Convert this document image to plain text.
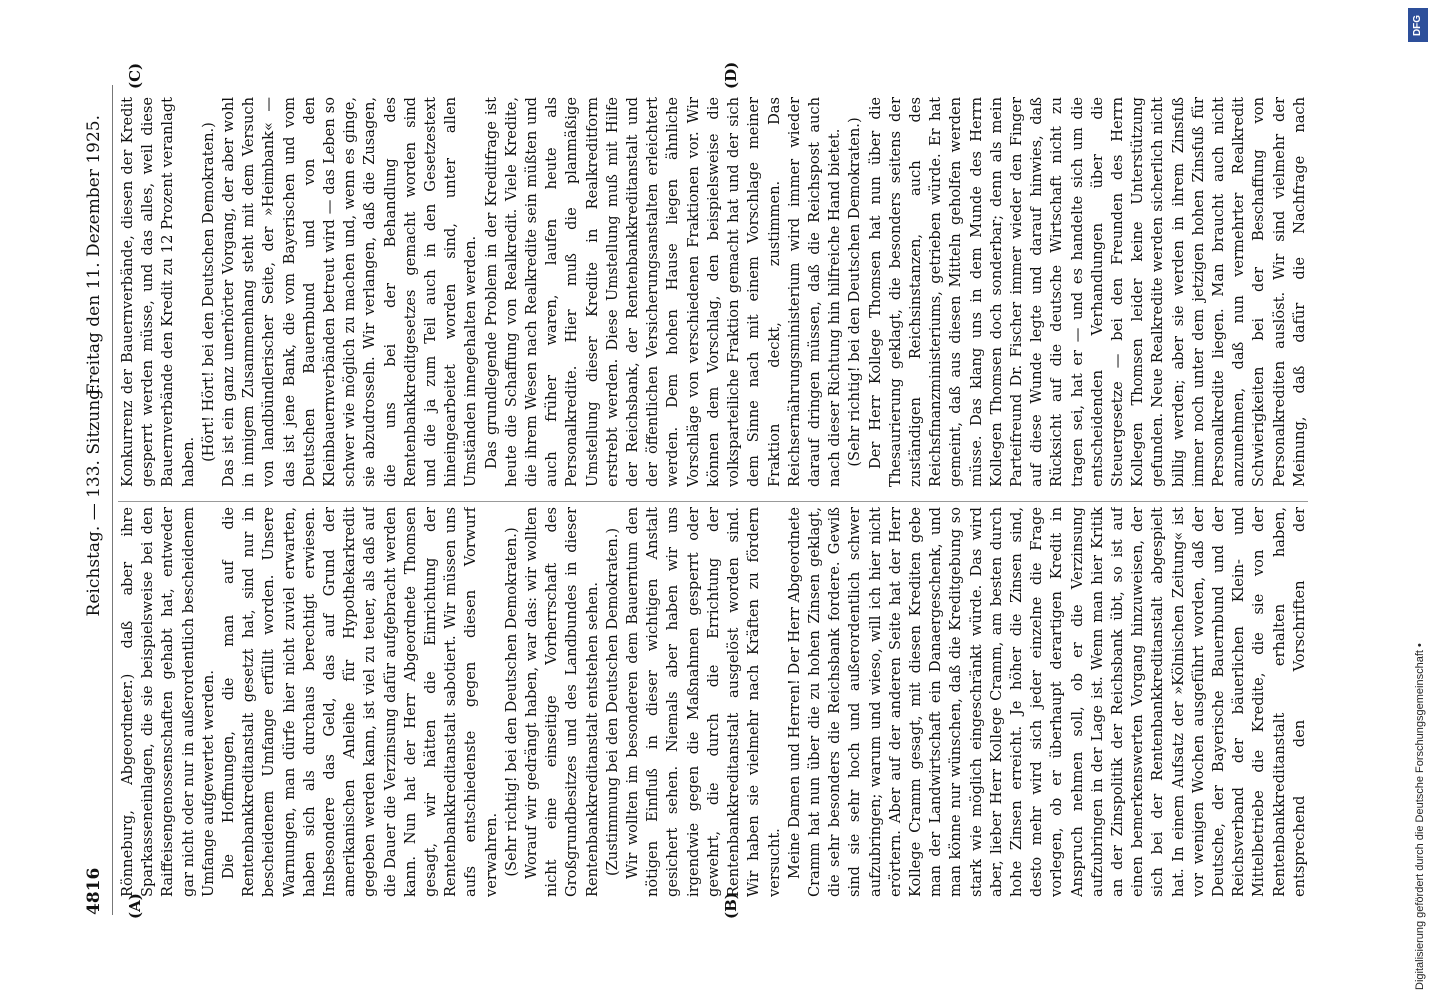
4816
Reichstag. — 133. Sitzung.
Freitag den 11. Dezember 1925.
(A)	(B)
(C)	(D)

Rönneburg, Abgeordneter.) daß aber ihre Sparkasseneinlagen, die sie beispielsweise bei den Raiffeisengenossenschaften gehabt hat, entweder gar nicht oder nur in außerordentlich bescheidenem Umfange aufgewertet werden. Die Hoffnungen, die man auf die Rentenbankkreditanstalt gesetzt hat, sind nur in bescheidenem Umfange erfüllt worden. Unsere Warnungen, man dürfe hier nicht zuviel erwarten, haben sich als durchaus berechtigt erwiesen. Insbesondere das Geld, das auf Grund der amerikanischen Anleihe für Hypothekarkredit gegeben werden kann, ist viel zu teuer, als daß auf die Dauer die Verzinsung dafür aufgebracht werden kann. Nun hat der Herr Abgeordnete Thomsen gesagt, wir hätten die Einrichtung der Rentenbankkreditanstalt sabotiert. Wir müssen uns aufs entschiedenste gegen diesen Vorwurf verwahren. (Sehr richtig! bei den Deutschen Demokraten.) Worauf wir gedrängt haben, war das: wir wollten nicht eine einseitige Vorherrschaft des Großgrundbesitzes und des Landbundes in dieser Rentenbankkreditanstalt entstehen sehen. (Zustimmung bei den Deutschen Demokraten.) Wir wollten im besonderen dem Bauerntum den nötigen Einfluß in dieser wichtigen Anstalt gesichert sehen. Niemals aber haben wir uns irgendwie gegen die Maßnahmen gesperrt oder gewehrt, die durch die Errichtung der Rentenbankkreditanstalt ausgelöst worden sind. Wir haben sie vielmehr nach Kräften zu fördern versucht. Meine Damen und Herren! Der Herr Abgeordnete Cramm hat nun über die zu hohen Zinsen geklagt, die sehr besonders die Reichsbank fordere. Gewiß sind sie sehr hoch und außerordentlich schwer aufzubringen; warum und wieso, will ich hier nicht erörtern. Aber auf der anderen Seite hat der Herr Kollege Cramm gesagt, mit diesen Krediten gebe man der Landwirtschaft ein Danaergeschenk, und man könne nur wünschen, daß die Kreditgebung so stark wie möglich eingeschränkt würde. Das wird aber, lieber Herr Kollege Cramm, am besten durch hohe Zinsen erreicht. Je höher die Zinsen sind, desto mehr wird sich jeder einzelne die Frage vorlegen, ob er überhaupt derartigen Kredit in Anspruch nehmen soll, ob er die Verzinsung aufzubringen in der Lage ist. Wenn man hier Kritik an der Zinspolitik der Reichsbank übt, so ist auf einen bemerkenswerten Vorgang hinzuweisen, der sich bei der Rentenbankkreditanstalt abgespielt hat. In einem Aufsatz der »Kölnischen Zeitung« ist vor wenigen Wochen ausgeführt worden, daß der Deutsche, der Bayerische Bauernbund und der Reichsverband der bäuerlichen Klein- und Mittelbetriebe die Kredite, die sie von der Rentenbankkreditanstalt erhalten haben, entsprechend den Vorschriften der

Konkurrenz der Bauernverbände, diesen der Kredit gesperrt werden müsse, und das alles, weil diese Bauernverbände den Kredit zu 12 Prozent veranlagt haben.

(Hört! Hört! bei den Deutschen Demokraten.) Das ist ein ganz unerhörter Vorgang, der aber wohl in innigem Zusammenhang steht mit dem Versuch von landbündlerischer Seite, der »Heimbank« — das ist jene Bank, die vom Bayerischen und vom Deutschen Bauernbund und von den Kleinbauernverbänden betreut wird — das Leben so schwer wie möglich zu machen und, wenn es ginge, sie abzudrosseln. Wir verlangen, daß die Zusagen, die uns bei der Behandlung des Rentenbankkreditgesetzes gemacht worden sind und die ja zum Teil auch in den Gesetzestext hineingearbeitet worden sind, unter allen Umständen innegehalten werden. Das grundlegende Problem in der Kreditfrage ist heute die Schaffung von Realkredit. Viele Kredite, die ihrem Wesen nach Realkredite sein müßten und auch früher waren, laufen heute als Personalkredite. Hier muß die planmäßige Umstellung dieser Kredite in Realkreditform erstrebt werden. Diese Umstellung muß mit Hilfe der Reichsbank, der Rentenbankkreditanstalt und der öffentlichen Versicherungsanstalten erleichtert werden. Dem hohen Hause liegen ähnliche Vorschläge von verschiedenen Fraktionen vor. Wir können dem Vorschlag, den beispielsweise die volksparteiliche Fraktion gemacht hat und der sich dem Sinne nach mit einem Vorschlage meiner Fraktion deckt, zustimmen. Das Reichsernährungsministerium wird immer wieder darauf dringen müssen, daß die Reichspost auch nach dieser Richtung hin hilfreiche Hand bietet. (Sehr richtig! bei den Deutschen Demokraten.) Der Herr Kollege Thomsen hat nun über die Thesaurierung geklagt, die besonders seitens der zuständigen Reichsinstanzen, auch des Reichsfinanzministeriums, getrieben würde. Er hat gemeint, daß aus diesen Mitteln geholfen werden müsse. Das klang uns in dem Munde des Herrn Kollegen Thomsen doch sonderbar; denn als mein Parteifreund Dr. Fischer immer wieder den Finger auf diese Wunde legte und darauf hinwies, daß Rücksicht auf die deutsche Wirtschaft nicht zu tragen sei, hat er — und es handelte sich um die entscheidenden Verhandlungen über die Steuergesetze — bei den Freunden des Herrn Kollegen Thomsen leider keine Unterstützung gefunden. Neue Realkredite werden sicherlich nicht billig werden; aber sie werden in ihrem Zinsfuß immer noch unter dem jetzigen hohen Zinsfuß für Personalkredite liegen. Man braucht auch nicht anzunehmen, daß nun vermehrter Realkredit Schwierigkeiten bei der Beschaffung von Personalkrediten auslöst. Wir sind vielmehr der Meinung, daß dafür die Nachfrage nach

DFG
Digitalisierung gefördert durch die Deutsche Forschungsgemeinschaft •
